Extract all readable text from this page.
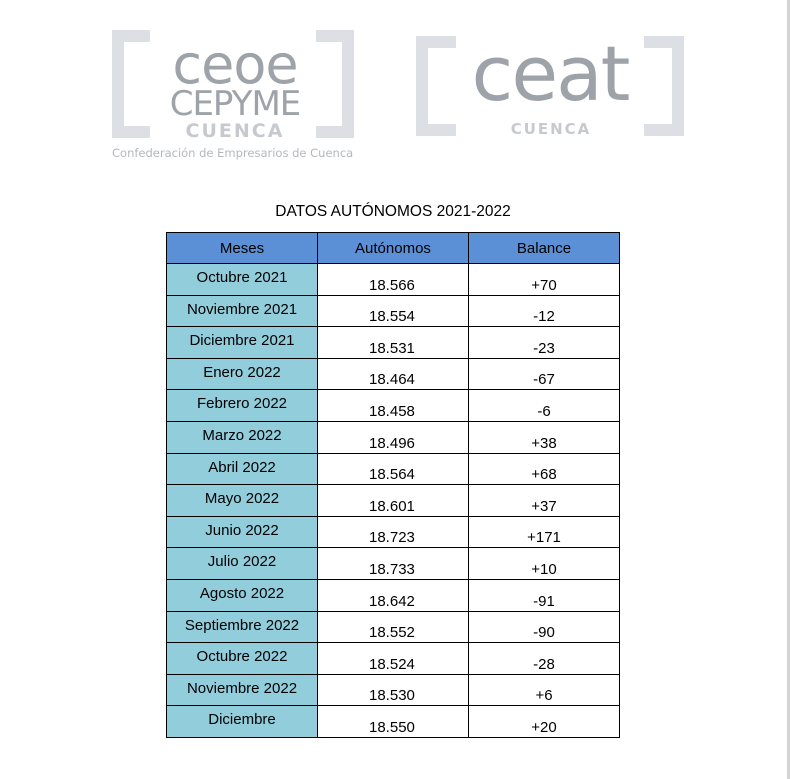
ceoe
CEPYME
CUENCA
Confederación de Empresarios de Cuenca
ceat
CUENCA
DATOS AUTÓNOMOS 2021-2022
Meses	Autónomos	Balance
Octubre 2021	18.566	+70
Noviembre 2021	18.554	-12
Diciembre 2021	18.531	-23
Enero 2022	18.464	-67
Febrero 2022	18.458	-6
Marzo 2022	18.496	+38
Abril 2022	18.564	+68
Mayo 2022	18.601	+37
Junio 2022	18.723	+171
Julio 2022	18.733	+10
Agosto 2022	18.642	-91
Septiembre 2022	18.552	-90
Octubre 2022	18.524	-28
Noviembre 2022	18.530	+6
Diciembre	18.550	+20
